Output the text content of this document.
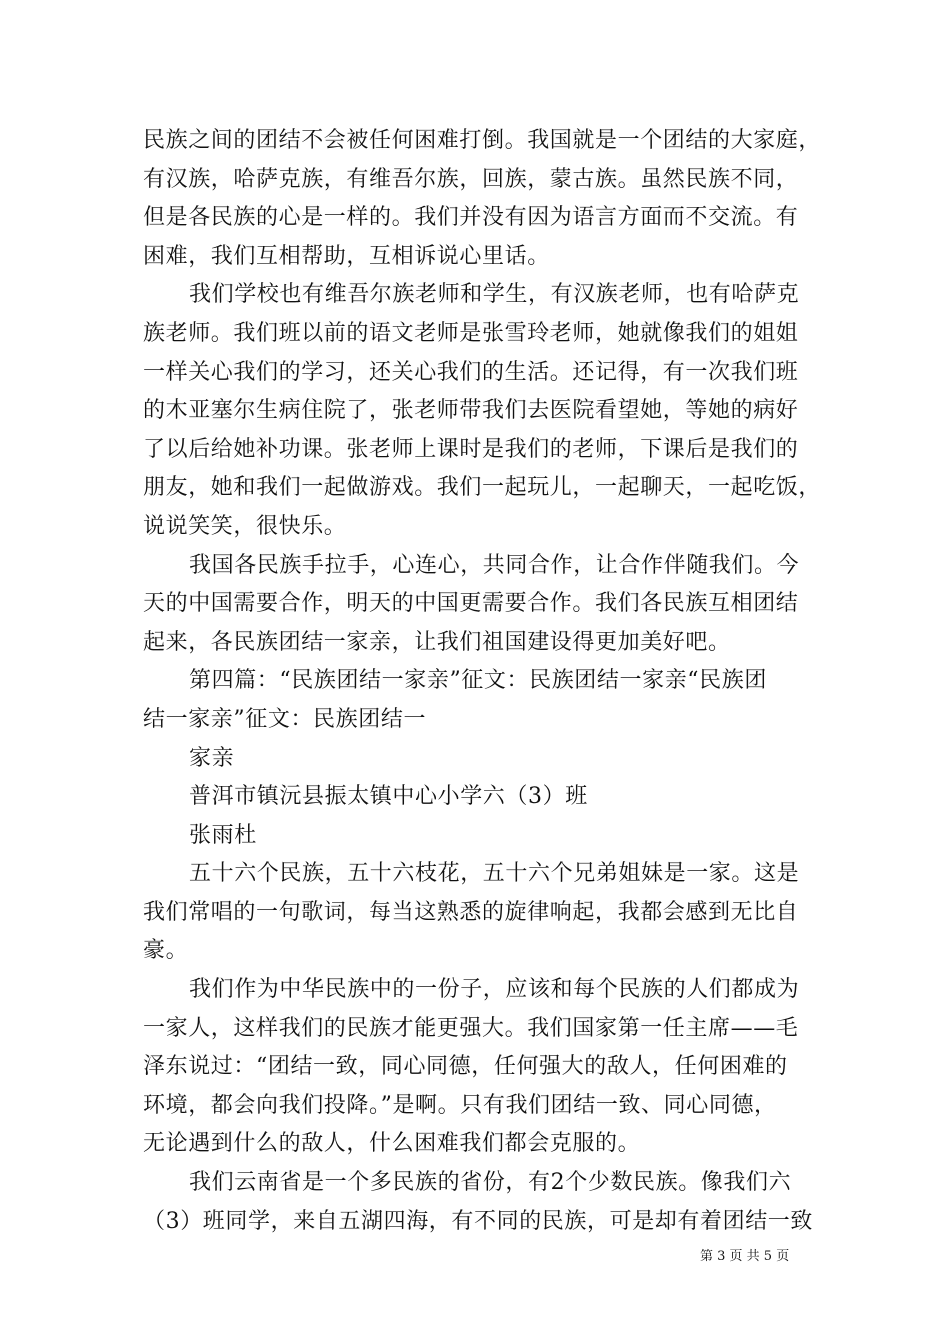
民族之间的团结不会被任何困难打倒。我国就是一个团结的大家庭，
有汉族，哈萨克族，有维吾尔族，回族，蒙古族。虽然民族不同，
但是各民族的心是一样的。我们并没有因为语言方面而不交流。有
困难，我们互相帮助，互相诉说心里话。
我们学校也有维吾尔族老师和学生，有汉族老师，也有哈萨克
族老师。我们班以前的语文老师是张雪玲老师，她就像我们的姐姐
一样关心我们的学习，还关心我们的生活。还记得，有一次我们班
的木亚塞尔生病住院了，张老师带我们去医院看望她，等她的病好
了以后给她补功课。张老师上课时是我们的老师，下课后是我们的
朋友，她和我们一起做游戏。我们一起玩儿，一起聊天，一起吃饭，
说说笑笑，很快乐。
我国各民族手拉手，心连心，共同合作，让合作伴随我们。今
天的中国需要合作，明天的中国更需要合作。我们各民族互相团结
起来，各民族团结一家亲，让我们祖国建设得更加美好吧。
第四篇：“民族团结一家亲”征文：民族团结一家亲“民族团
结一家亲”征文：民族团结一
家亲
普洱市镇沅县振太镇中心小学六（3）班
张雨杜
五十六个民族，五十六枝花，五十六个兄弟姐妹是一家。这是
我们常唱的一句歌词，每当这熟悉的旋律响起，我都会感到无比自
豪。
我们作为中华民族中的一份子，应该和每个民族的人们都成为
一家人，这样我们的民族才能更强大。我们国家第一任主席——毛
泽东说过：“团结一致，同心同德，任何强大的敌人，任何困难的
环境，都会向我们投降。”是啊。只有我们团结一致、同心同德，
无论遇到什么的敌人，什么困难我们都会克服的。
我们云南省是一个多民族的省份，有2个少数民族。像我们六
（3）班同学，来自五湖四海，有不同的民族，可是却有着团结一致
第 3 页 共 5 页
